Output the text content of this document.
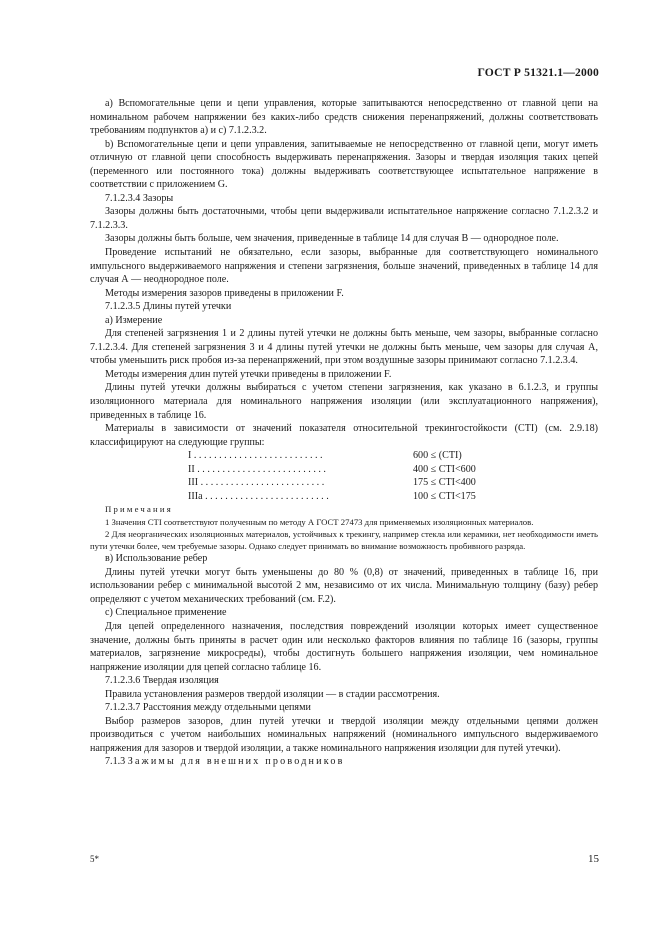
ГОСТ Р 51321.1—2000

а) Вспомогательные цепи и цепи управления, которые запитываются непосредственно от главной цепи на номинальном рабочем напряжении без каких-либо средств снижения перенапряжений, должны соответствовать требованиям подпунктов а) и с) 7.1.2.3.2.

b) Вспомогательные цепи и цепи управления, запитываемые не непосредственно от главной цепи, могут иметь отличную от главной цепи способность выдерживать перенапряжения. Зазоры и твердая изоляция таких цепей (переменного или постоянного тока) должны выдерживать соответствующее испытательное напряжение в соответствии с приложением G.

7.1.2.3.4 Зазоры

Зазоры должны быть достаточными, чтобы цепи выдерживали испытательное напряжение согласно 7.1.2.3.2 и 7.1.2.3.3.

Зазоры должны быть больше, чем значения, приведенные в таблице 14 для случая В — однородное поле.

Проведение испытаний не обязательно, если зазоры, выбранные для соответствующего номинального импульсного выдерживаемого напряжения и степени загрязнения, больше значений, приведенных в таблице 14 для случая А — неоднородное поле.

Методы измерения зазоров приведены в приложении F.

7.1.2.3.5 Длины путей утечки

а) Измерение

Для степеней загрязнения 1 и 2 длины путей утечки не должны быть меньше, чем зазоры, выбранные согласно 7.1.2.3.4. Для степеней загрязнения 3 и 4 длины путей утечки не должны быть меньше, чем зазоры для случая А, чтобы уменьшить риск пробоя из-за перенапряжений, при этом воздушные зазоры принимают согласно 7.1.2.3.4.

Методы измерения длин путей утечки приведены в приложении F.

Длины путей утечки должны выбираться с учетом степени загрязнения, как указано в 6.1.2.3, и группы изоляционного материала для номинального напряжения изоляции (или эксплуатационного напряжения), приведенных в таблице 16.

Материалы в зависимости от значений показателя относительной трекингостойкости (CTI) (см. 2.9.18) классифицируют на следующие группы:

I . . . . . . . . . . . . . . . . . . . . . . . . . .	600 ≤ (CTI)
II . . . . . . . . . . . . . . . . . . . . . . . . . .	400 ≤ CTI<600
III . . . . . . . . . . . . . . . . . . . . . . . . .	175 ≤ CTI<400
IIIa . . . . . . . . . . . . . . . . . . . . . . . . .	100 ≤ CTI<175

Примечания

1 Значения CTI соответствуют полученным по методу А ГОСТ 27473 для применяемых изоляционных материалов.

2 Для неорганических изоляционных материалов, устойчивых к трекингу, например стекла или керамики, нет необходимости иметь пути утечки более, чем требуемые зазоры. Однако следует принимать во внимание возможность пробивного разряда.

в) Использование ребер

Длины путей утечки могут быть уменьшены до 80 % (0,8) от значений, приведенных в таблице 16, при использовании ребер с минимальной высотой 2 мм, независимо от их числа. Минимальную толщину (базу) ребер определяют с учетом механических требований (см. F.2).

с) Специальное применение

Для цепей определенного назначения, последствия повреждений изоляции которых имеет существенное значение, должны быть приняты в расчет один или несколько факторов влияния по таблице 16 (зазоры, группы материалов, загрязнение микросреды), чтобы достигнуть большего напряжения изоляции, чем номинальное напряжение изоляции для цепей согласно таблице 16.

7.1.2.3.6 Твердая изоляция

Правила установления размеров твердой изоляции — в стадии рассмотрения.

7.1.2.3.7 Расстояния между отдельными цепями

Выбор размеров зазоров, длин путей утечки и твердой изоляции между отдельными цепями должен производиться с учетом наибольших номинальных напряжений (номинального импульсного выдерживаемого напряжения для зазоров и твердой изоляции, а также номинального напряжения изоляции для путей утечки).

7.1.3 Зажимы для внешних проводников

5*	15
